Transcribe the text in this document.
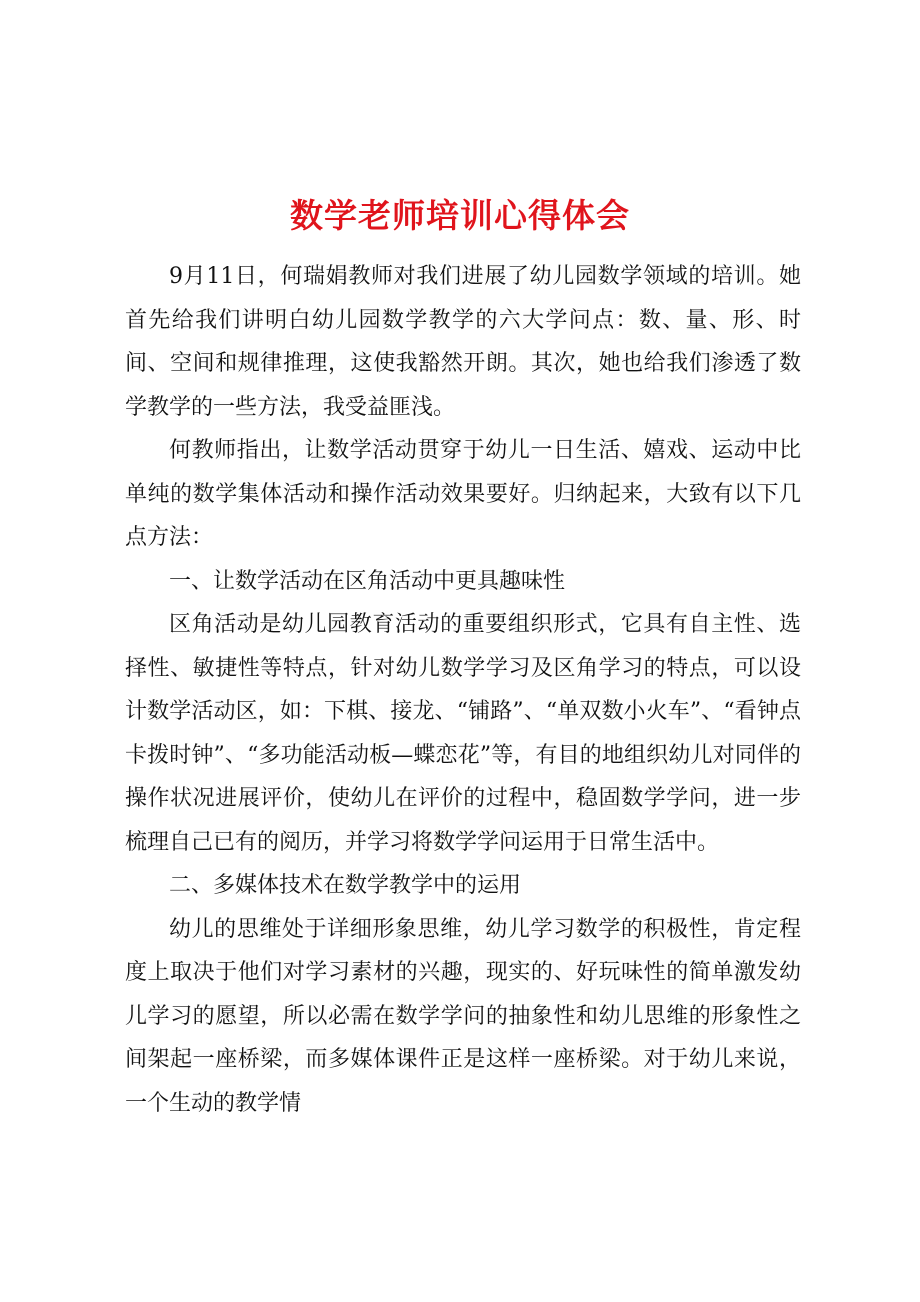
数学老师培训心得体会

9月11日，何瑞娟教师对我们进展了幼儿园数学领域的培训。她首先给我们讲明白幼儿园数学教学的六大学问点：数、量、形、时间、空间和规律推理，这使我豁然开朗。其次，她也给我们渗透了数学教学的一些方法，我受益匪浅。

何教师指出，让数学活动贯穿于幼儿一日生活、嬉戏、运动中比单纯的数学集体活动和操作活动效果要好。归纳起来，大致有以下几点方法：

一、让数学活动在区角活动中更具趣味性

区角活动是幼儿园教育活动的重要组织形式，它具有自主性、选择性、敏捷性等特点，针对幼儿数学学习及区角学习的特点，可以设计数学活动区，如：下棋、接龙、“铺路”、“单双数小火车”、“看钟点卡拨时钟”、“多功能活动板—蝶恋花”等，有目的地组织幼儿对同伴的操作状况进展评价，使幼儿在评价的过程中，稳固数学学问，进一步梳理自己已有的阅历，并学习将数学学问运用于日常生活中。

二、多媒体技术在数学教学中的运用

幼儿的思维处于详细形象思维，幼儿学习数学的积极性，肯定程度上取决于他们对学习素材的兴趣，现实的、好玩味性的简单激发幼儿学习的愿望，所以必需在数学学问的抽象性和幼儿思维的形象性之间架起一座桥梁，而多媒体课件正是这样一座桥梁。对于幼儿来说，一个生动的教学情
